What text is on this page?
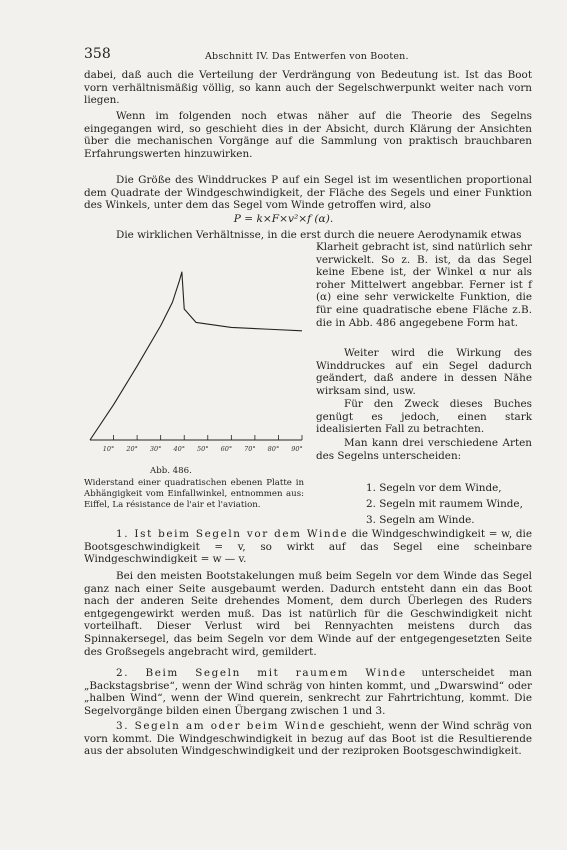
358	Abschnitt IV. Das Entwerfen von Booten.
dabei, daß auch die Verteilung der Verdrängung von Bedeutung ist. Ist das Boot vorn verhältnismäßig völlig, so kann auch der Segelschwerpunkt weiter nach vorn liegen.
Wenn im folgenden noch etwas näher auf die Theorie des Segelns eingegangen wird, so geschieht dies in der Absicht, durch Klärung der Ansichten über die mechanischen Vorgänge auf die Sammlung von praktisch brauchbaren Erfahrungswerten hinzuwirken.
Die Größe des Winddruckes P auf ein Segel ist im wesentlichen proportional dem Quadrate der Windgeschwindigkeit, der Fläche des Segels und einer Funktion des Winkels, unter dem das Segel vom Winde getroffen wird, also
P = k×F×v²×f (α).
Die wirklichen Verhältnisse, in die erst durch die neuere Aerodynamik etwas
Klarheit gebracht ist, sind natürlich sehr verwickelt. So z. B. ist, da das Segel keine Ebene ist, der Winkel α nur als roher Mittelwert angebbar. Ferner ist f (α) eine sehr verwickelte Funktion, die für eine quadratische ebene Fläche z.B. die in Abb. 486 angegebene Form hat.
Weiter wird die Wirkung des Winddruckes auf ein Segel dadurch geändert, daß andere in dessen Nähe wirksam sind, usw.
Für den Zweck dieses Buches genügt es jedoch, einen stark idealisierten Fall zu betrachten.
Man kann drei verschiedene Arten des Segelns unterscheiden:
1. Segeln vor dem Winde,
2. Segeln mit raumem Winde,
3. Segeln am Winde.
10° 20° 30° 40° 50° 60° 70° 80° 90°
Abb. 486.
Widerstand einer quadratischen ebenen Platte in Abhängigkeit vom Einfallwinkel, entnommen aus: Eiffel, La résistance de l'air et l'aviation.
1. Ist beim Segeln vor dem Winde die Windgeschwindigkeit = w, die Bootsgeschwindigkeit = v, so wirkt auf das Segel eine scheinbare Windgeschwindigkeit = w — v.
Bei den meisten Bootstakelungen muß beim Segeln vor dem Winde das Segel ganz nach einer Seite ausgebaumt werden. Dadurch entsteht dann ein das Boot nach der anderen Seite drehendes Moment, dem durch Überlegen des Ruders entgegengewirkt werden muß. Das ist natürlich für die Geschwindigkeit nicht vorteilhaft. Dieser Verlust wird bei Rennyachten meistens durch das Spinnakersegel, das beim Segeln vor dem Winde auf der entgegengesetzten Seite des Großsegels angebracht wird, gemildert.
2. Beim Segeln mit raumem Winde unterscheidet man „Backstagsbrise“, wenn der Wind schräg von hinten kommt, und „Dwarswind“ oder „halben Wind“, wenn der Wind querein, senkrecht zur Fahrtrichtung, kommt. Die Segelvorgänge bilden einen Übergang zwischen 1 und 3.
3. Segeln am oder beim Winde geschieht, wenn der Wind schräg von vorn kommt. Die Windgeschwindigkeit in bezug auf das Boot ist die Resultierende aus der absoluten Windgeschwindigkeit und der reziproken Bootsgeschwindigkeit.
